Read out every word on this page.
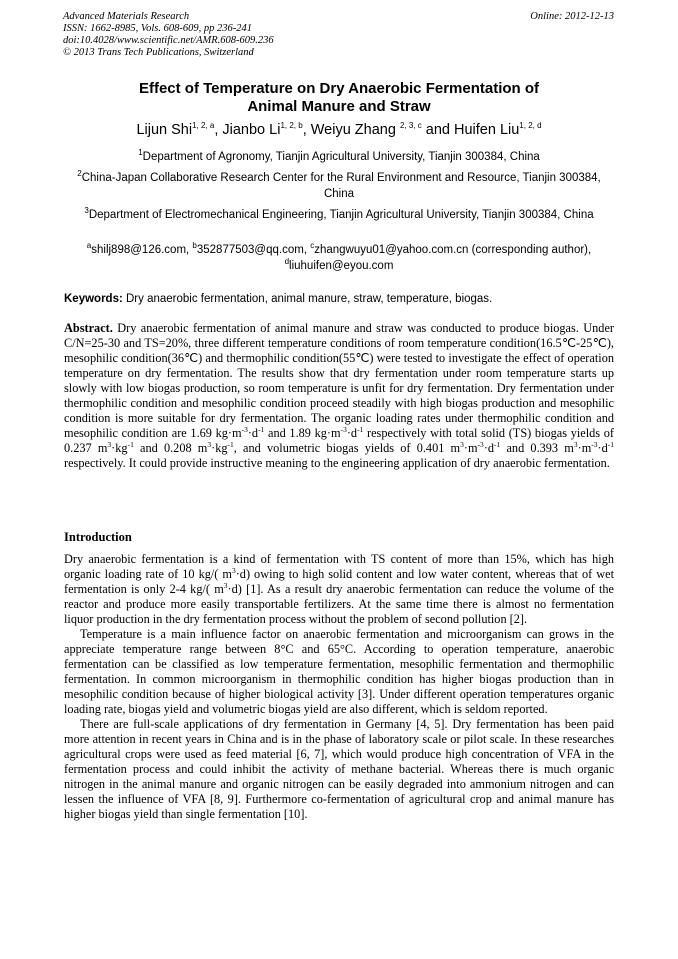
Advanced Materials Research
ISSN: 1662-8985, Vols. 608-609, pp 236-241
doi:10.4028/www.scientific.net/AMR.608-609.236
© 2013 Trans Tech Publications, Switzerland
Online: 2012-12-13
Effect of Temperature on Dry Anaerobic Fermentation of
Animal Manure and Straw
Lijun Shi$^{1, 2, a}$, Jianbo Li$^{1, 2, b}$, Weiyu Zhang $^{2, 3, c}$ and Huifen Liu$^{1, 2, d}$
$^1$Department of Agronomy, Tianjin Agricultural University, Tianjin 300384, China
$^2$China-Japan Collaborative Research Center for the Rural Environment and Resource, Tianjin 300384, China
$^3$Department of Electromechanical Engineering, Tianjin Agricultural University, Tianjin 300384, China
$^a$shilj898@126.com, $^b$352877503@qq.com, $^c$zhangwuyu01@yahoo.com.cn (corresponding author), $^d$liuhuifen@eyou.com
Keywords: Dry anaerobic fermentation, animal manure, straw, temperature, biogas.
Abstract. Dry anaerobic fermentation of animal manure and straw was conducted to produce biogas. Under C/N=25-30 and TS=20%, three different temperature conditions of room temperature condition(16.5℃-25℃), mesophilic condition(36℃) and thermophilic condition(55℃) were tested to investigate the effect of operation temperature on dry fermentation. The results show that dry fermentation under room temperature starts up slowly with low biogas production, so room temperature is unfit for dry fermentation. Dry fermentation under thermophilic condition and mesophilic condition proceed steadily with high biogas production and mesophilic condition is more suitable for dry fermentation. The organic loading rates under thermophilic condition and mesophilic condition are 1.69 $kg\cdot m^{-3}\cdot d^{-1}$ and 1.89 $kg\cdot m^{-3}\cdot d^{-1}$ respectively with total solid (TS) biogas yields of 0.237 $m^3\cdot kg^{-1}$ and 0.208 $m^3\cdot kg^{-1}$, and volumetric biogas yields of 0.401 $m^3\cdot m^{-3}\cdot d^{-1}$ and 0.393 $m^3\cdot m^{-3}\cdot d^{-1}$ respectively. It could provide instructive meaning to the engineering application of dry anaerobic fermentation.
Introduction
Dry anaerobic fermentation is a kind of fermentation with TS content of more than 15%, which has high organic loading rate of 10 kg/( $m^3\cdot d$) owing to high solid content and low water content, whereas that of wet fermentation is only 2-4 kg/( $m^3\cdot d$) [1]. As a result dry anaerobic fermentation can reduce the volume of the reactor and produce more easily transportable fertilizers. At the same time there is almost no fermentation liquor production in the dry fermentation process without the problem of second pollution [2].
Temperature is a main influence factor on anaerobic fermentation and microorganism can grows in the appreciate temperature range between 8°C and 65°C. According to operation temperature, anaerobic fermentation can be classified as low temperature fermentation, mesophilic fermentation and thermophilic fermentation. In common microorganism in thermophilic condition has higher biogas production than in mesophilic condition because of higher biological activity [3]. Under different operation temperatures organic loading rate, biogas yield and volumetric biogas yield are also different, which is seldom reported.
There are full-scale applications of dry fermentation in Germany [4, 5]. Dry fermentation has been paid more attention in recent years in China and is in the phase of laboratory scale or pilot scale. In these researches agricultural crops were used as feed material [6, 7], which would produce high concentration of VFA in the fermentation process and could inhibit the activity of methane bacterial. Whereas there is much organic nitrogen in the animal manure and organic nitrogen can be easily degraded into ammonium nitrogen and can lessen the influence of VFA [8, 9]. Furthermore co-fermentation of agricultural crop and animal manure has higher biogas yield than single fermentation [10].
